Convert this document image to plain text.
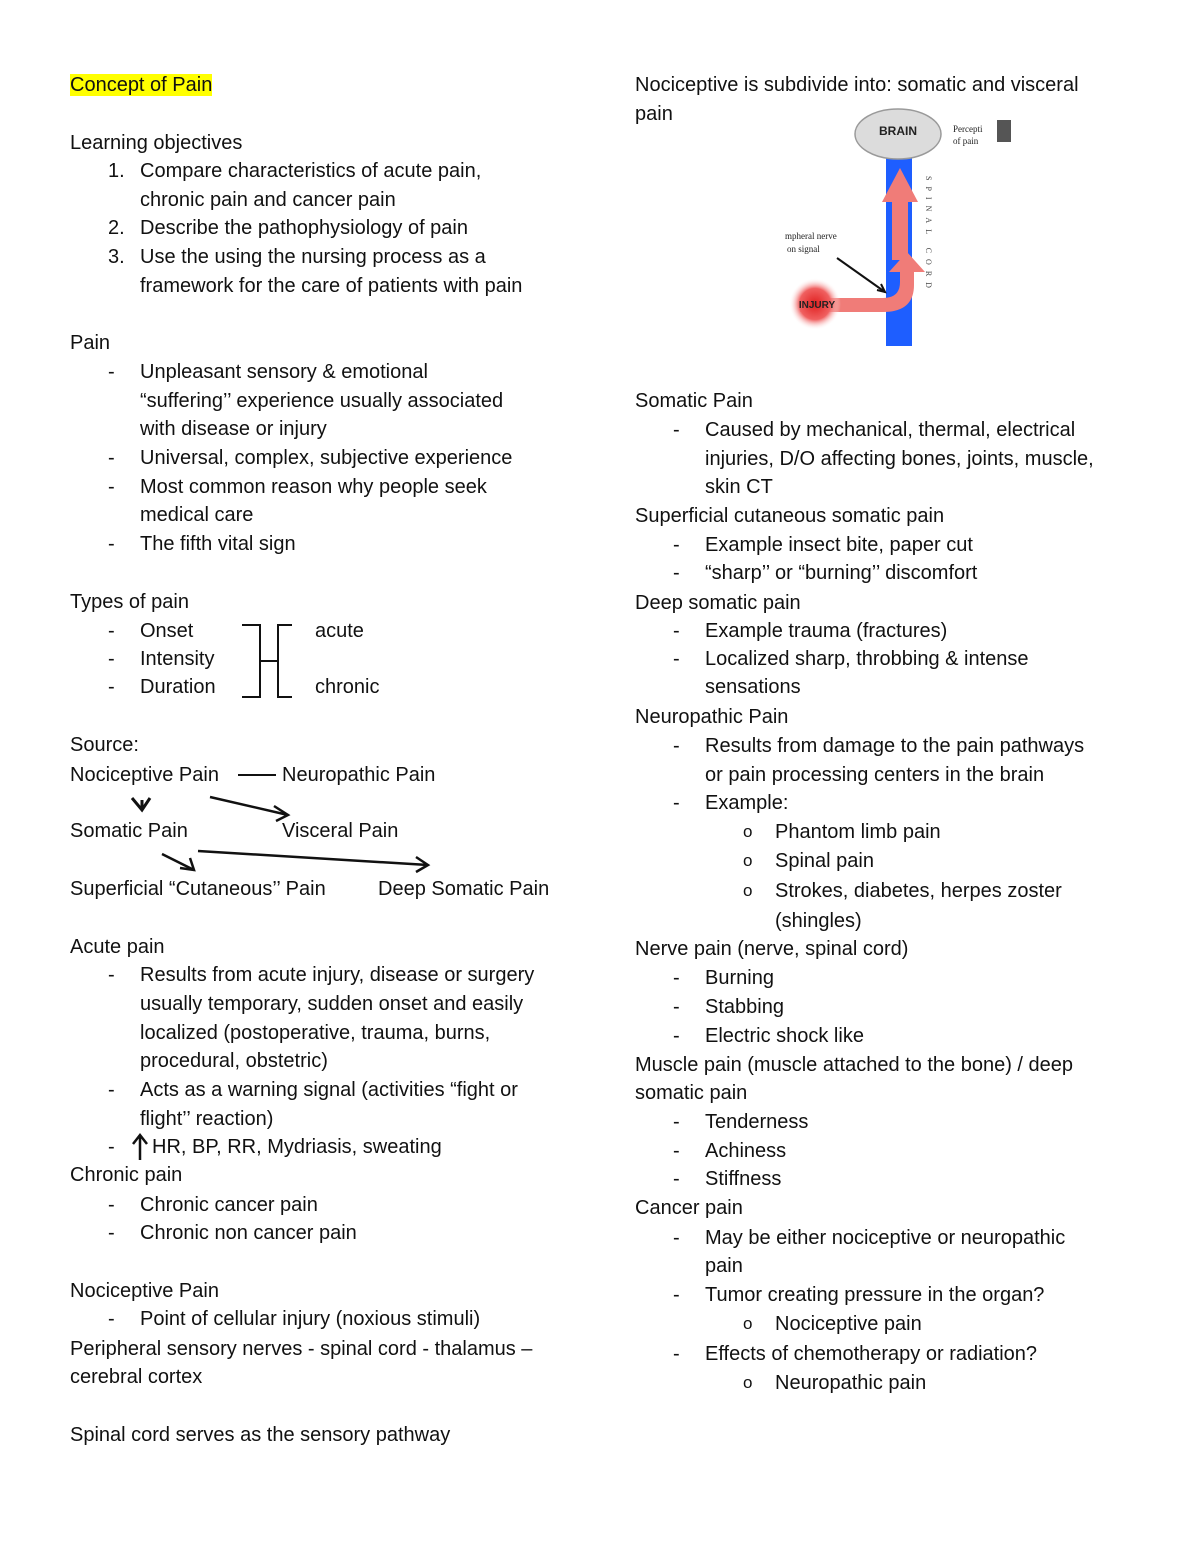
Concept of Pain
Learning objectives
1. Compare characteristics of acute pain,
chronic pain and cancer pain
2. Describe the pathophysiology of pain
3. Use the using the nursing process as a
framework for the care of patients with pain
Pain
- Unpleasant sensory & emotional
“suffering’’ experience usually associated
with disease or injury
- Universal, complex, subjective experience
- Most common reason why people seek
medical care
- The fifth vital sign
Types of pain
- Onset
- Intensity
- Duration
acute
chronic
Source:
Nociceptive Pain	Neuropathic Pain
Somatic Pain	Visceral Pain
Superficial “Cutaneous’’ Pain	Deep Somatic Pain
Acute pain
- Results from acute injury, disease or surgery
usually temporary, sudden onset and easily
localized (postoperative, trauma, burns,
procedural, obstetric)
- Acts as a warning signal (activities “fight or
flight’’ reaction)
- HR, BP, RR, Mydriasis, sweating
Chronic pain
- Chronic cancer pain
- Chronic non cancer pain
Nociceptive Pain
- Point of cellular injury (noxious stimuli)
Peripheral sensory nerves - spinal cord - thalamus –
cerebral cortex
Spinal cord serves as the sensory pathway
Nociceptive is subdivide into: somatic and visceral
pain
BRAIN
INJURY
mpheral nerve
on signal
Percepti
of pain
SPINAL CORD
Somatic Pain
- Caused by mechanical, thermal, electrical
injuries, D/O affecting bones, joints, muscle,
skin CT
Superficial cutaneous somatic pain
- Example insect bite, paper cut
- “sharp’’ or “burning’’ discomfort
Deep somatic pain
- Example trauma (fractures)
- Localized sharp, throbbing & intense
sensations
Neuropathic Pain
- Results from damage to the pain pathways
or pain processing centers in the brain
- Example:
o Phantom limb pain
o Spinal pain
o Strokes, diabetes, herpes zoster
(shingles)
Nerve pain (nerve, spinal cord)
- Burning
- Stabbing
- Electric shock like
Muscle pain (muscle attached to the bone) / deep
somatic pain
- Tenderness
- Achiness
- Stiffness
Cancer pain
- May be either nociceptive or neuropathic
pain
- Tumor creating pressure in the organ?
o Nociceptive pain
- Effects of chemotherapy or radiation?
o Neuropathic pain
